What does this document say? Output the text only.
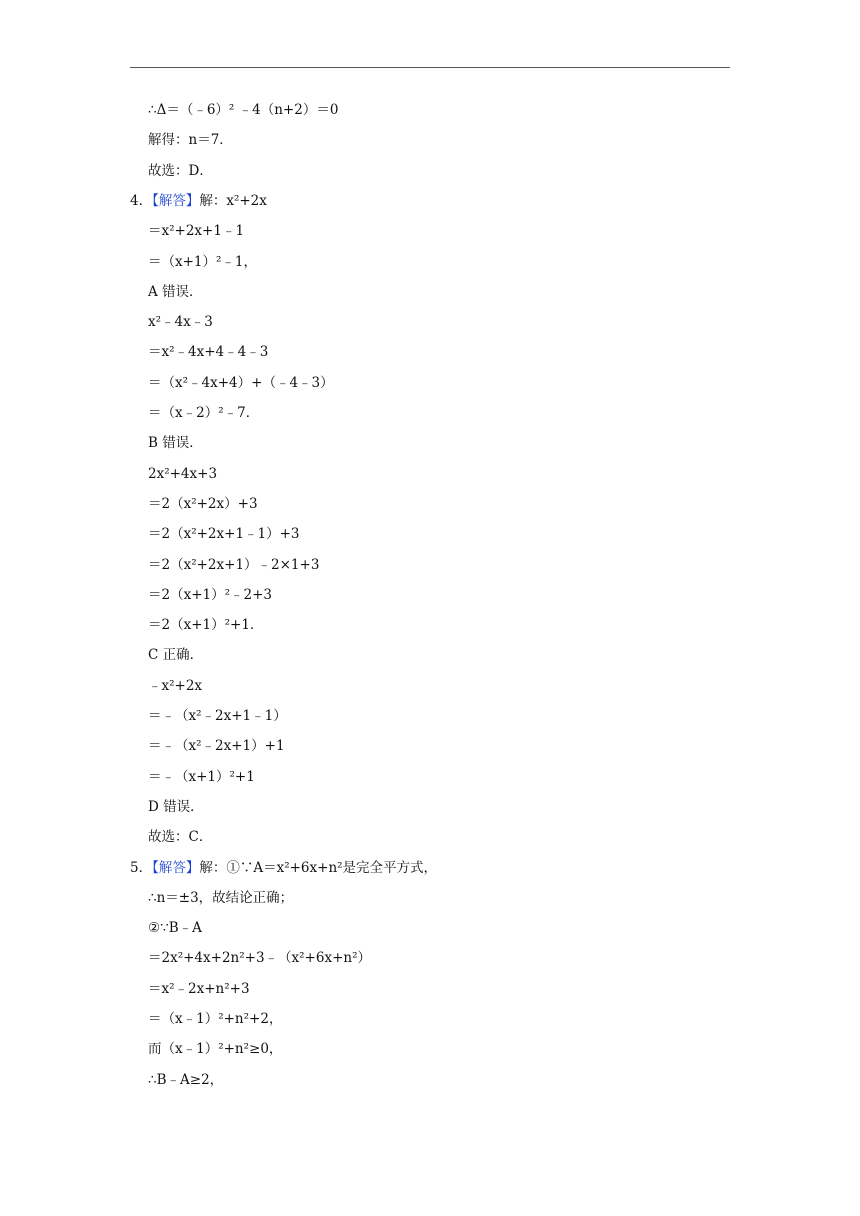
∴Δ＝（﹣6）² ﹣4（n+2）＝0
解得：n＝7．
故选：D．
4．【解答】解：x²+2x
＝x²+2x+1﹣1
＝（x+1）²﹣1，
A 错误．
x²﹣4x﹣3
＝x²﹣4x+4﹣4﹣3
＝（x²﹣4x+4）+（﹣4﹣3）
＝（x﹣2）²﹣7．
B 错误．
2x²+4x+3
＝2（x²+2x）+3
＝2（x²+2x+1﹣1）+3
＝2（x²+2x+1）﹣2×1+3
＝2（x+1）²﹣2+3
＝2（x+1）²+1．
C 正确．
﹣x²+2x
＝﹣（x²﹣2x+1﹣1）
＝﹣（x²﹣2x+1）+1
＝﹣（x+1）²+1
D 错误．
故选：C．
5．【解答】解：①∵A＝x²+6x+n²是完全平方式，
∴n＝±3，故结论正确；
②∵B﹣A
＝2x²+4x+2n²+3﹣（x²+6x+n²）
＝x²﹣2x+n²+3
＝（x﹣1）²+n²+2，
而（x﹣1）²+n²≥0，
∴B﹣A≥2，
